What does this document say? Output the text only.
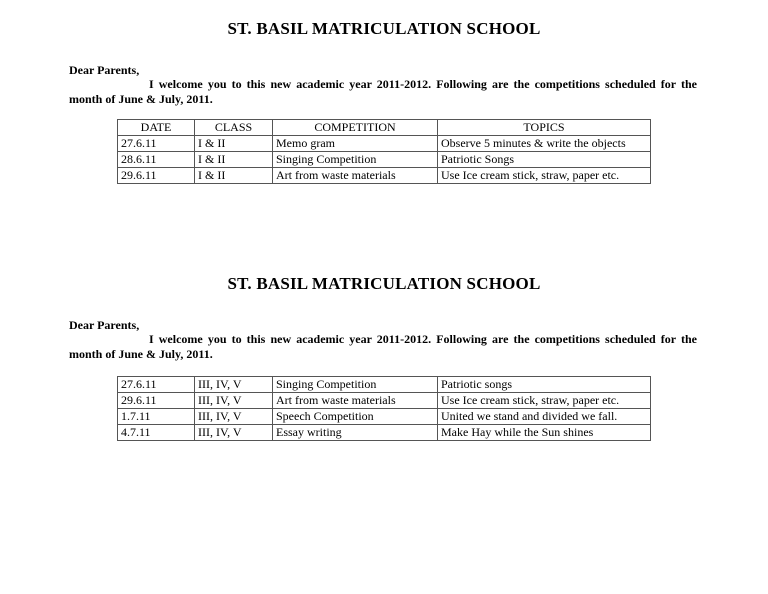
ST. BASIL MATRICULATION SCHOOL
Dear Parents,
I welcome you to this new academic year 2011-2012. Following are the competitions scheduled for the month of June & July, 2011.
DATE	CLASS	COMPETITION	TOPICS
27.6.11	I & II	Memo gram	Observe 5 minutes & write the objects
28.6.11	I & II	Singing Competition	Patriotic Songs
29.6.11	I & II	Art from waste materials	Use Ice cream stick, straw, paper etc.
ST. BASIL MATRICULATION SCHOOL
Dear Parents,
I welcome you to this new academic year 2011-2012. Following are the competitions scheduled for the month of June & July, 2011.
27.6.11	III, IV, V	Singing Competition	Patriotic songs
29.6.11	III, IV, V	Art from waste materials	Use Ice cream stick, straw, paper etc.
1.7.11	III, IV, V	Speech Competition	United we stand and divided we fall.
4.7.11	III, IV, V	Essay writing	Make Hay while the Sun shines
